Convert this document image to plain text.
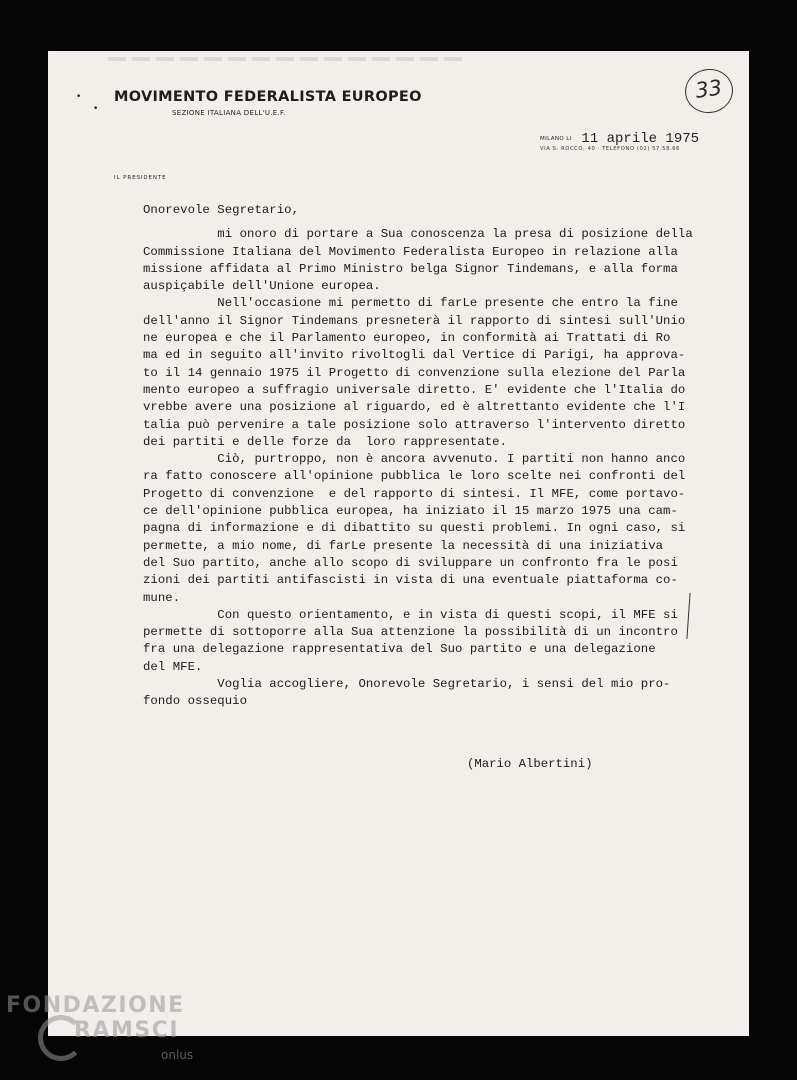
•
•
MOVIMENTO FEDERALISTA EUROPEO
SEZIONE ITALIANA DELL'U.E.F.
33
MILANO LI 11 aprile 1975
VIA S. ROCCO, 40 · TELEFONO (02) 57.58.66
IL PRESIDENTE
Onorevole Segretario,
mi onoro di portare a Sua conoscenza la presa di posizione della
Commissione Italiana del Movimento Federalista Europeo in relazione alla
missione affidata al Primo Ministro belga Signor Tindemans, e alla forma
auspiçabile dell'Unione europea.
Nell'occasione mi permetto di farLe presente che entro la fine
dell'anno il Signor Tindemans presneterà il rapporto di sintesi sull'Unio
ne europea e che il Parlamento europeo, in conformità ai Trattati di Ro
ma ed in seguito all'invito rivoltogli dal Vertice di Parigi, ha approva-
to il 14 gennaio 1975 il Progetto di convenzione sulla elezione del Parla
mento europeo a suffragio universale diretto. E' evidente che l'Italia do
vrebbe avere una posizione al riguardo, ed è altrettanto evidente che l'I
talia può pervenire a tale posizione solo attraverso l'intervento diretto
dei partiti e delle forze da  loro rappresentate.
Ciò, purtroppo, non è ancora avvenuto. I partiti non hanno anco
ra fatto conoscere all'opinione pubblica le loro scelte nei confronti del
Progetto di convenzione  e del rapporto di sintesi. Il MFE, come portavo-
ce dell'opinione pubblica europea, ha iniziato il 15 marzo 1975 una cam-
pagna di informazione e di dibattito su questi problemi. In ogni caso, si
permette, a mio nome, di farLe presente la necessità di una iniziativa
del Suo partito, anche allo scopo di sviluppare un confronto fra le posi
zioni dei partiti antifascisti in vista di una eventuale piattaforma co-
mune.
Con questo orientamento, e in vista di questi scopi, il MFE si
permette di sottoporre alla Sua attenzione la possibilità di un incontro
fra una delegazione rappresentativa del Suo partito e una delegazione
del MFE.
Voglia accogliere, Onorevole Segretario, i sensi del mio pro-
fondo ossequio
(Mario Albertini)
FONDAZIONE
RAMSCI
onlus
